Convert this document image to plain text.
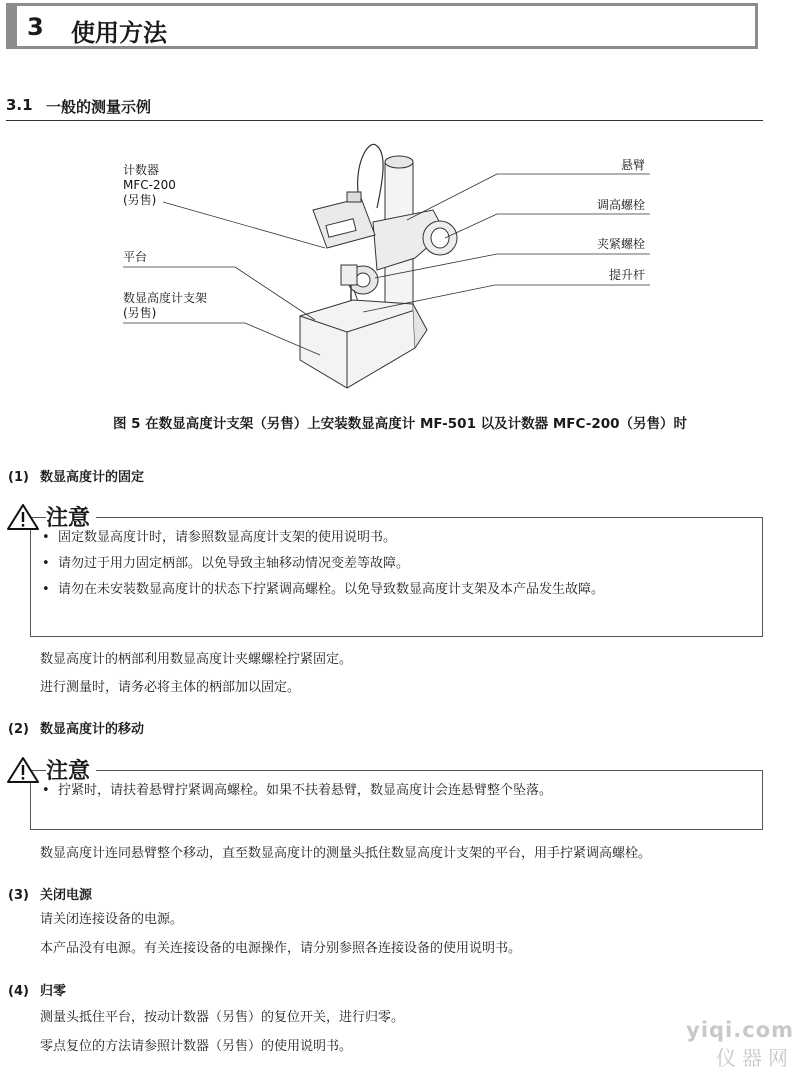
3 使用方法
3.1 一般的测量示例
计数器
MFC-200
(另售)
平台
数显高度计支架
(另售)
悬臂
调高螺栓
夹紧螺栓
提升杆
图 5 在数显高度计支架（另售）上安装数显高度计 MF-501 以及计数器 MFC-200（另售）时
(1) 数显高度计的固定
注意
• 固定数显高度计时，请参照数显高度计支架的使用说明书。
• 请勿过于用力固定柄部。以免导致主轴移动情况变差等故障。
• 请勿在未安装数显高度计的状态下拧紧调高螺栓。以免导致数显高度计支架及本产品发生故障。
数显高度计的柄部利用数显高度计夹螺螺栓拧紧固定。
进行测量时，请务必将主体的柄部加以固定。
(2) 数显高度计的移动
注意
• 拧紧时，请扶着悬臂拧紧调高螺栓。如果不扶着悬臂，数显高度计会连悬臂整个坠落。
数显高度计连同悬臂整个移动，直至数显高度计的测量头抵住数显高度计支架的平台，用手拧紧调高螺栓。
(3) 关闭电源
请关闭连接设备的电源。
本产品没有电源。有关连接设备的电源操作，请分别参照各连接设备的使用说明书。
(4) 归零
测量头抵住平台，按动计数器（另售）的复位开关，进行归零。
零点复位的方法请参照计数器（另售）的使用说明书。
yiqi.com
仪器网
